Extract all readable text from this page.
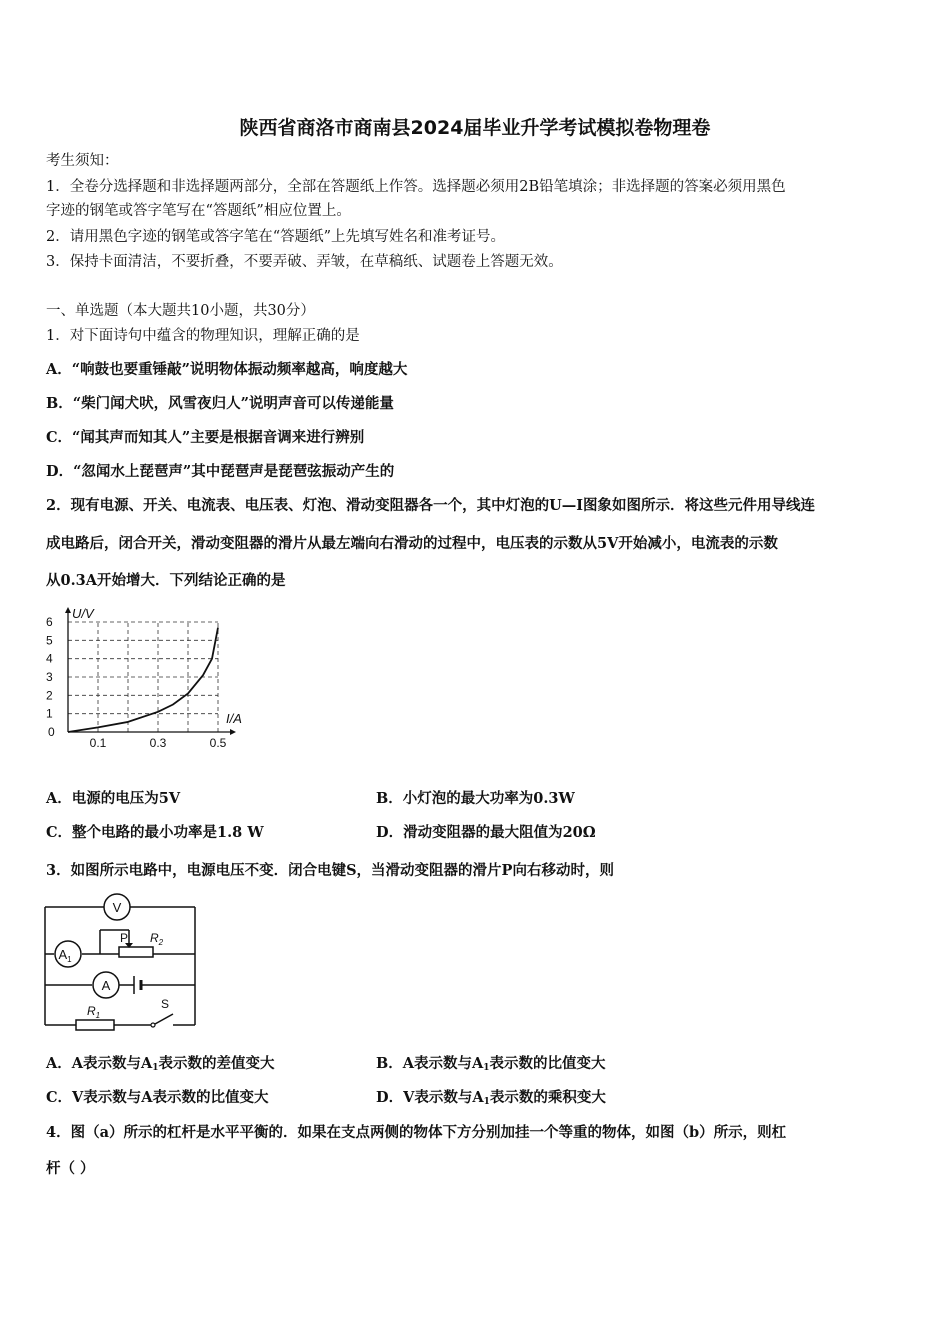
陕西省商洛市商南县2024届毕业升学考试模拟卷物理卷
考生须知：
1．全卷分选择题和非选择题两部分，全部在答题纸上作答。选择题必须用2B铅笔填涂；非选择题的答案必须用黑色
字迹的钢笔或答字笔写在“答题纸”相应位置上。
2．请用黑色字迹的钢笔或答字笔在“答题纸”上先填写姓名和准考证号。
3．保持卡面清洁，不要折叠，不要弄破、弄皱，在草稿纸、试题卷上答题无效。
一、单选题（本大题共10小题，共30分）
1．对下面诗句中蕴含的物理知识，理解正确的是
A．“响鼓也要重锤敲”说明物体振动频率越高，响度越大
B．“柴门闻犬吠，风雪夜归人”说明声音可以传递能量
C．“闻其声而知其人”主要是根据音调来进行辨别
D．“忽闻水上琵琶声”其中琵琶声是琵琶弦振动产生的
2．现有电源、开关、电流表、电压表、灯泡、滑动变阻器各一个，其中灯泡的U—I图象如图所示．将这些元件用导线连
成电路后，闭合开关，滑动变阻器的滑片从最左端向右滑动的过程中，电压表的示数从5V开始减小，电流表的示数
从0.3A开始增大．下列结论正确的是
1
2
3
4
5
6
0.1	0.3	0.5
0
U/V
I/A
A．电源的电压为5V	B．小灯泡的最大功率为0.3W
C．整个电路的最小功率是1.8 W	D．滑动变阻器的最大阻值为20Ω
3．如图所示电路中，电源电压不变．闭合电键S，当滑动变阻器的滑片P向右移动时，则
V
$A_1$
P $R_2$
A
$R_1$
S
A．A表示数与$A_1$表示数的差值变大	B．A表示数与$A_1$表示数的比值变大
C．V表示数与A表示数的比值变大	D．V表示数与$A_1$表示数的乘积变大
4．图（a）所示的杠杆是水平平衡的．如果在支点两侧的物体下方分别加挂一个等重的物体，如图（b）所示，则杠
杆（ ）
